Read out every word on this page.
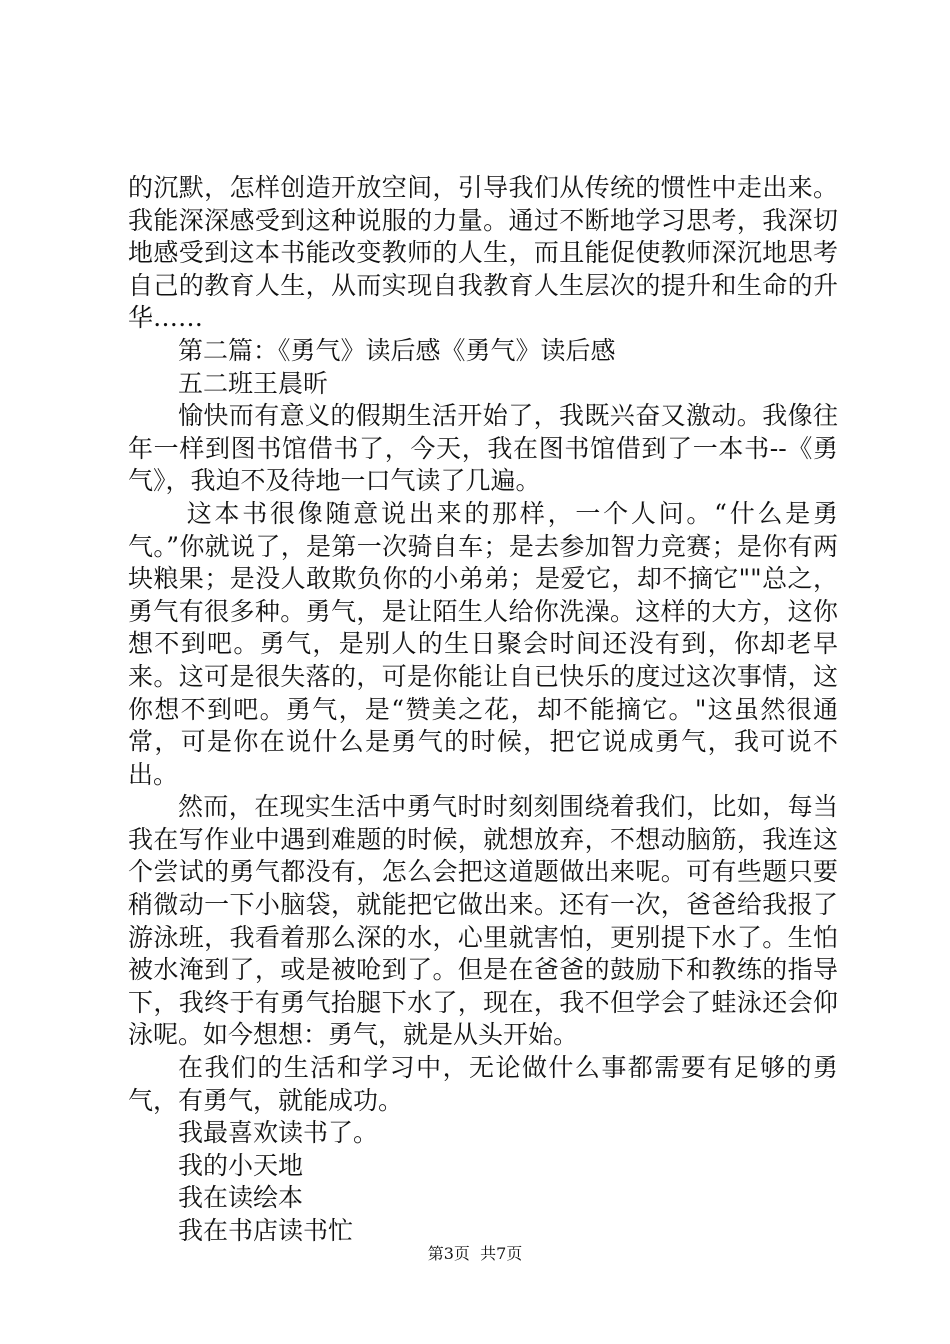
的沉默，怎样创造开放空间，引导我们从传统的惯性中走出来。我能深深感受到这种说服的力量。通过不断地学习思考，我深切地感受到这本书能改变教师的人生，而且能促使教师深沉地思考自己的教育人生，从而实现自我教育人生层次的提升和生命的升华……

第二篇：《勇气》读后感《勇气》读后感

五二班王晨昕

愉快而有意义的假期生活开始了，我既兴奋又激动。我像往年一样到图书馆借书了，今天，我在图书馆借到了一本书--《勇气》，我迫不及待地一口气读了几遍。

这本书很像随意说出来的那样，一个人问。“什么是勇气。”你就说了，是第一次骑自车；是去参加智力竞赛；是你有两块粮果；是没人敢欺负你的小弟弟；是爱它，却不摘它""总之，勇气有很多种。勇气，是让陌生人给你洗澡。这样的大方，这你想不到吧。勇气，是别人的生日聚会时间还没有到，你却老早来。这可是很失落的，可是你能让自已快乐的度过这次事情，这你想不到吧。勇气，是“赞美之花，却不能摘它。"这虽然很通常，可是你在说什么是勇气的时候，把它说成勇气，我可说不出。

然而，在现实生活中勇气时时刻刻围绕着我们，比如，每当我在写作业中遇到难题的时候，就想放弃，不想动脑筋，我连这个尝试的勇气都没有，怎么会把这道题做出来呢。可有些题只要稍微动一下小脑袋，就能把它做出来。还有一次，爸爸给我报了游泳班，我看着那么深的水，心里就害怕，更别提下水了。生怕被水淹到了，或是被呛到了。但是在爸爸的鼓励下和教练的指导下，我终于有勇气抬腿下水了，现在，我不但学会了蛙泳还会仰泳呢。如今想想：勇气，就是从头开始。

在我们的生活和学习中，无论做什么事都需要有足够的勇气，有勇气，就能成功。

我最喜欢读书了。

我的小天地

我在读绘本

我在书店读书忙

第3页  共7页
